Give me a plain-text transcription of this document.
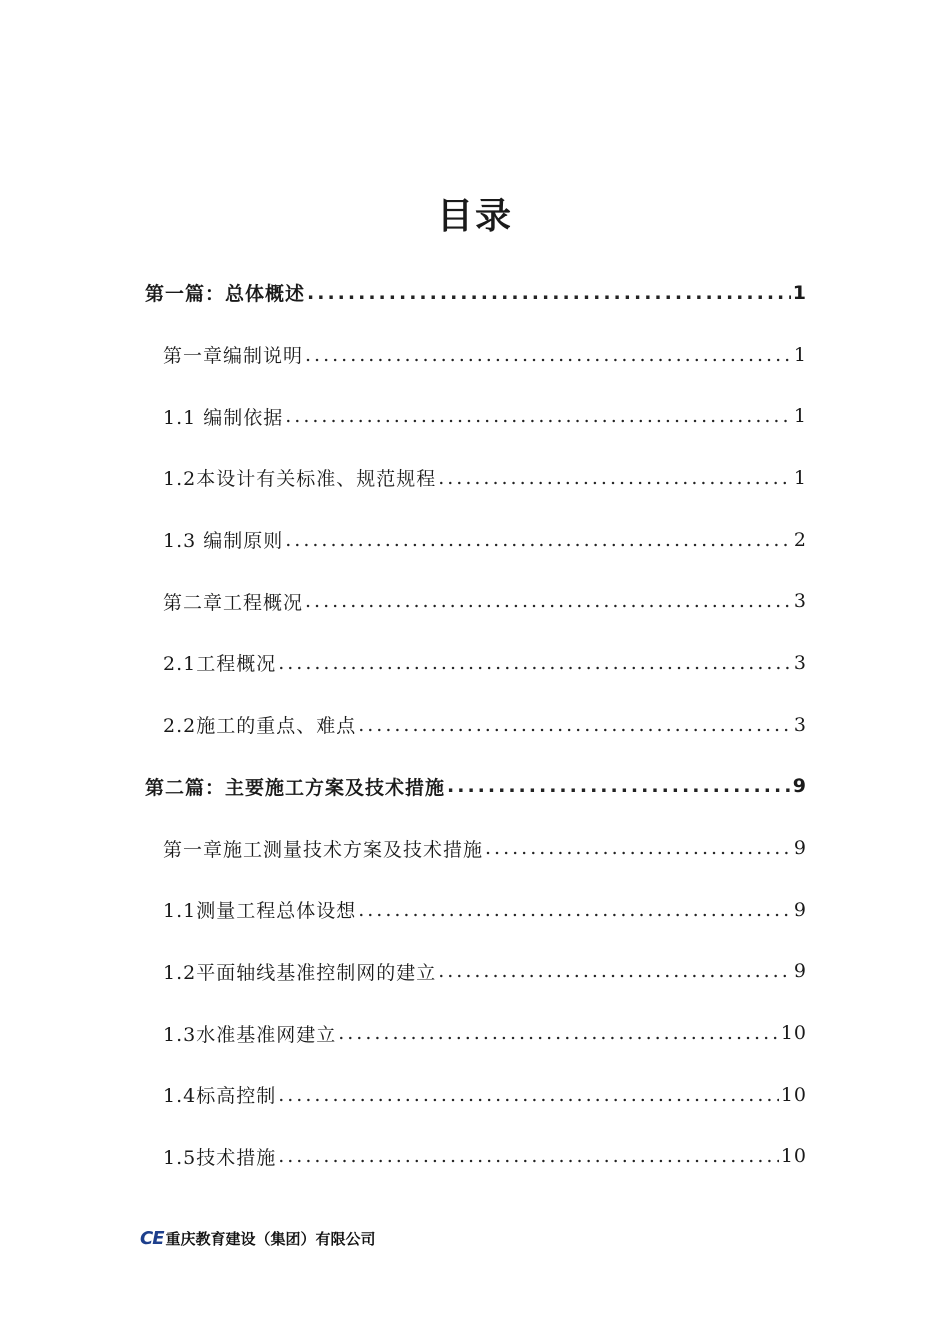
目录
第一篇：总体概述 .....	1
第一章编制说明 .....	1
1.1 编制依据 .....	1
1.2本设计有关标准、规范规程 .....	1
1.3 编制原则 .....	2
第二章工程概况 .....	3
2.1工程概况 .....	3
2.2施工的重点、难点 .....	3
第二篇：主要施工方案及技术措施 .....	9
第一章施工测量技术方案及技术措施 .....	9
1.1测量工程总体设想 .....	9
1.2平面轴线基准控制网的建立 .....	9
1.3水准基准网建立 .....	10
1.4标高控制 .....	10
1.5技术措施 .....	10
CE 重庆教育建设（集团）有限公司
